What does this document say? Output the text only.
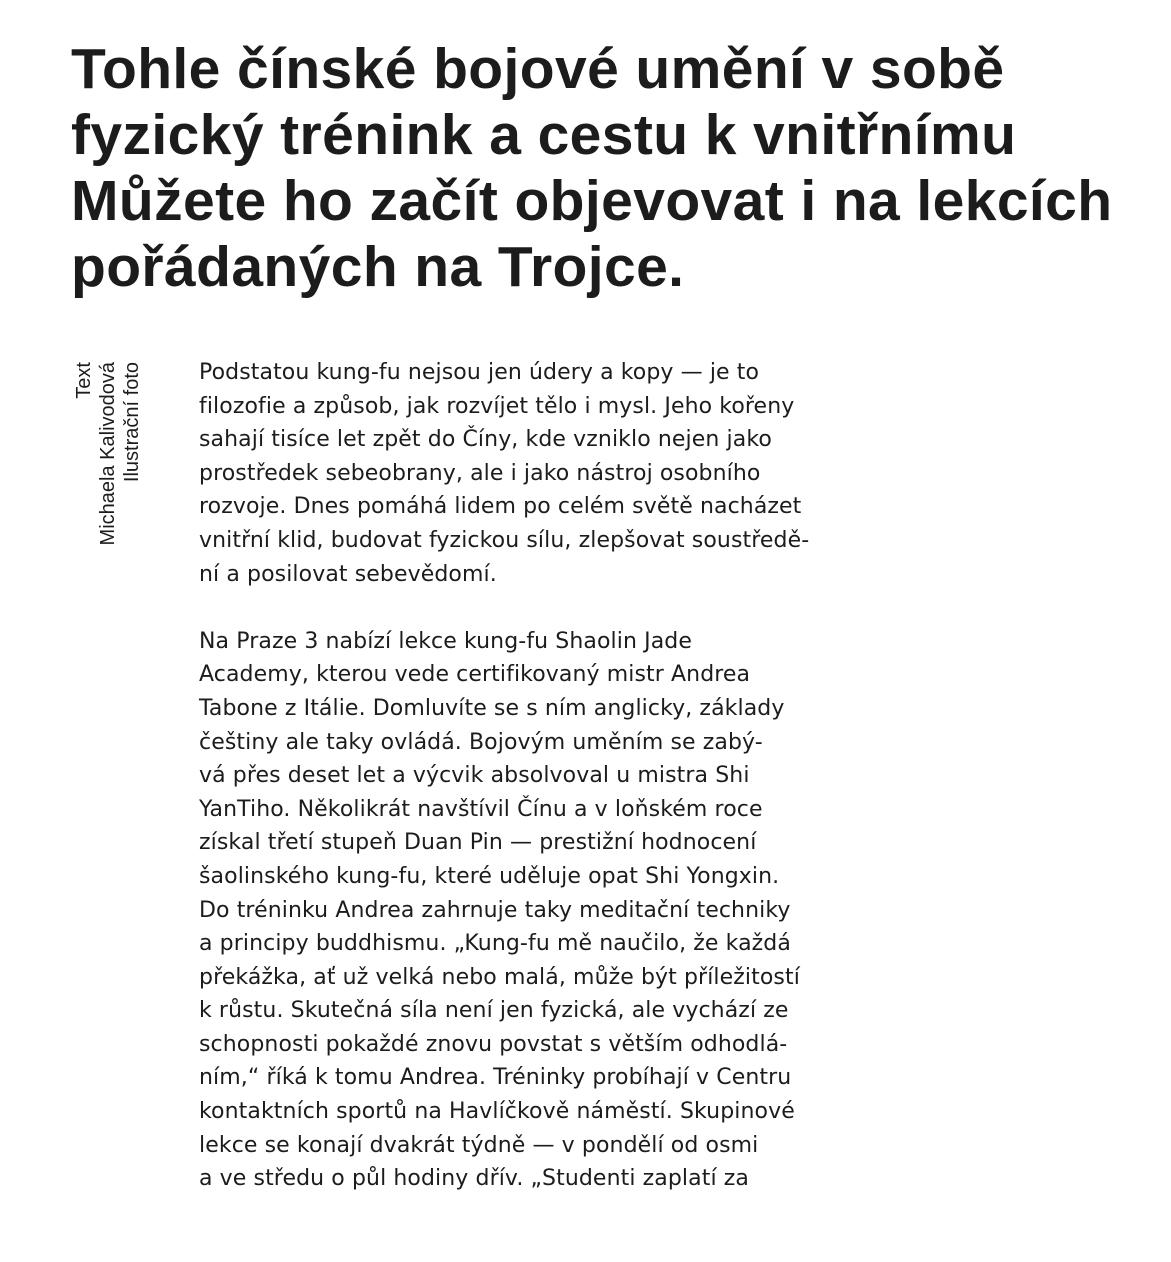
Tohle čínské bojové umění v sobě
fyzický trénink a cestu k vnitřnímu
Můžete ho začít objevovat i na lekcích
pořádaných na Trojce.
Text Michaela Kalivodová Ilustrační foto	Podstatou kung-fu nejsou jen údery a kopy — je to
filozofie a způsob, jak rozvíjet tělo i mysl. Jeho kořeny
sahají tisíce let zpět do Číny, kde vzniklo nejen jako
prostředek sebeobrany, ale i jako nástroj osobního
rozvoje. Dnes pomáhá lidem po celém světě nacházet
vnitřní klid, budovat fyzickou sílu, zlepšovat soustředě-
ní a posilovat sebevědomí.

Na Praze 3 nabízí lekce kung-fu Shaolin Jade
Academy, kterou vede certifikovaný mistr Andrea
Tabone z Itálie. Domluvíte se s ním anglicky, základy
češtiny ale taky ovládá. Bojovým uměním se zabý-
vá přes deset let a výcvik absolvoval u mistra Shi
YanTiho. Několikrát navštívil Čínu a v loňském roce
získal třetí stupeň Duan Pin — prestižní hodnocení
šaolinského kung-fu, které uděluje opat Shi Yongxin.
Do tréninku Andrea zahrnuje taky meditační techniky
a principy buddhismu. „Kung-fu mě naučilo, že každá
překážka, ať už velká nebo malá, může být příležitostí
k růstu. Skutečná síla není jen fyzická, ale vychází ze
schopnosti pokaždé znovu povstat s větším odhodlá-
ním,“ říká k tomu Andrea. Tréninky probíhají v Centru
kontaktních sportů na Havlíčkově náměstí. Skupinové
lekce se konají dvakrát týdně — v pondělí od osmi
a ve středu o půl hodiny dřív. „Studenti zaplatí za
